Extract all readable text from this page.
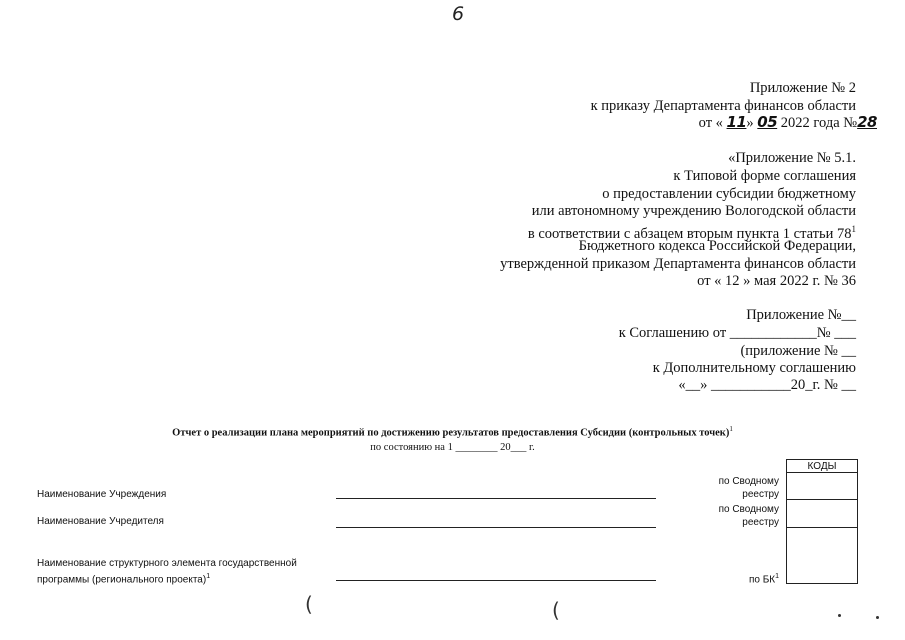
6
Приложение № 2
к приказу Департамента финансов области
от « 11» 05 2022 года №28
«Приложение № 5.1.
к Типовой форме соглашения
о предоставлении субсидии бюджетному
или автономному учреждению Вологодской области
в соответствии с абзацем вторым пункта 1 статьи $78^1$
Бюджетного кодекса Российской Федерации,
утвержденной приказом Департамента финансов области
от « 12 » мая 2022 г. № 36
Приложение №__
к Соглашению от ____________№ ___
(приложение № __
к Дополнительному соглашению
«__» ___________20_г. № __
Отчет о реализации плана мероприятий по достижению результатов предоставления Субсидии (контрольных точек)$^1$
по состоянию на 1 ________ 20___ г.
КОДЫ
Наименование Учреждения
по Сводному реестру
Наименование Учредителя
по Сводному реестру
Наименование структурного элемента государственной программы (регионального проекта)$^1$	по $БК^1$
(	(
